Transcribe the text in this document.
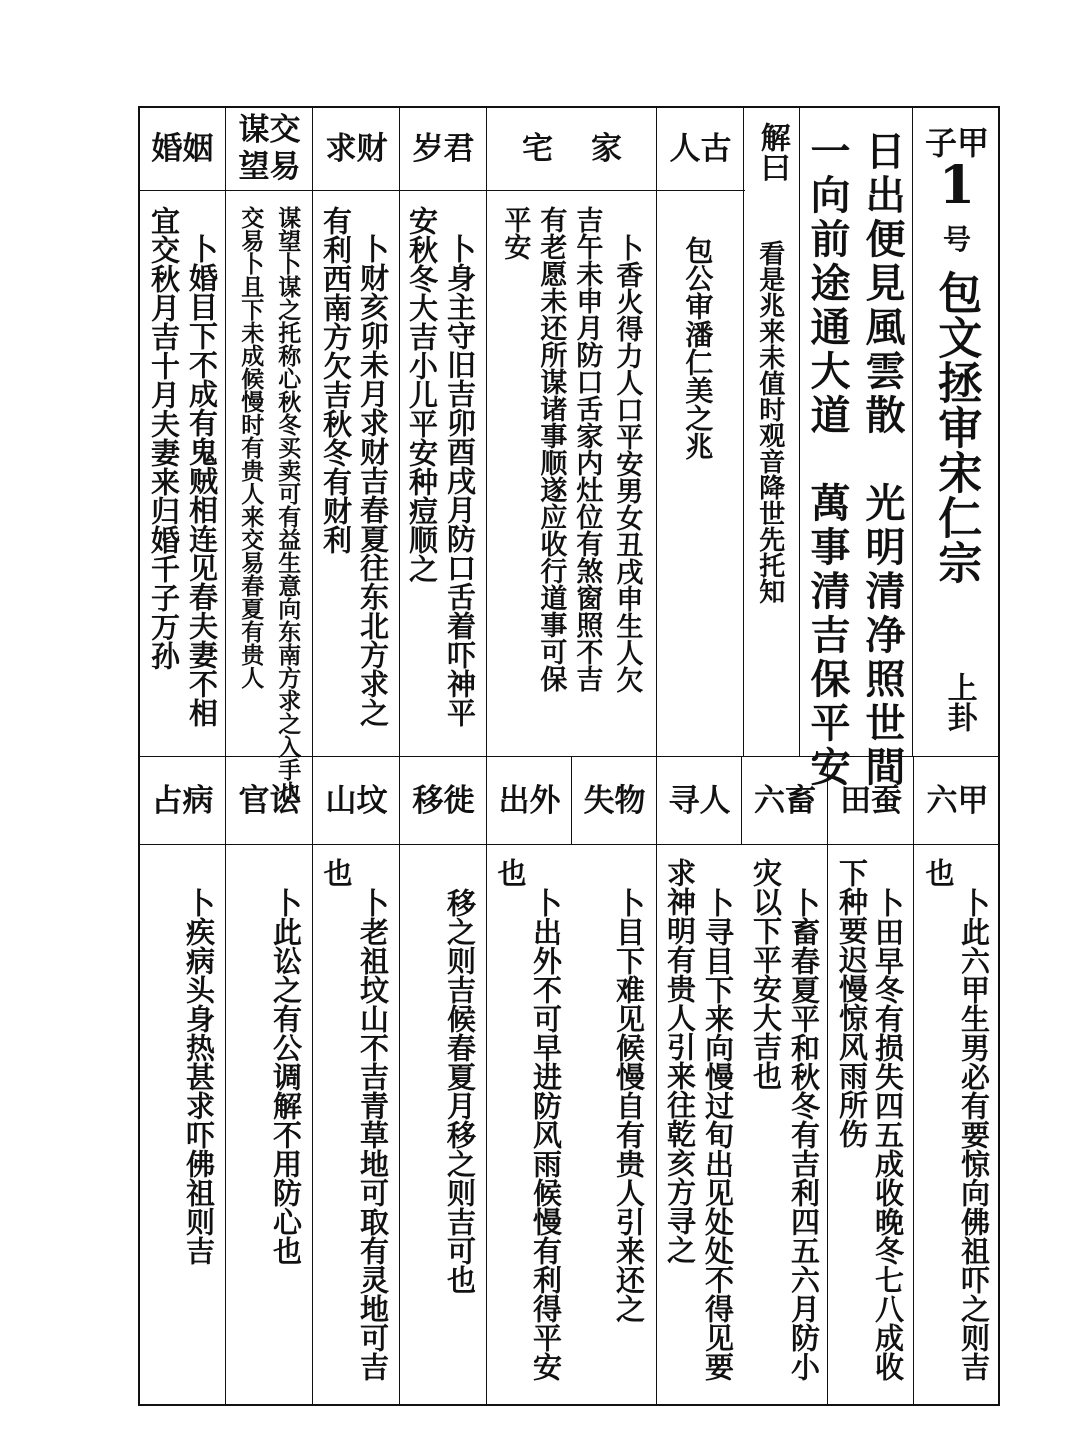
子甲
1
号
包文拯审宋仁宗
上卦
日出便見風雲散　光明清净照世間
一向前途通大道　萬事清吉保平安
解曰
看是兆来未值时观音降世先托知
人古
家
宅
岁君
求财
谋交
望易
婚姻
包公审潘仁美之兆
卜香火得力人口平安男女丑戌申生人欠
吉午未申月防口舌家内灶位有煞窗照不吉
有老愿未还所谋诸事顺遂应收行道事可保
平安
卜身主守旧吉卯酉戌月防口舌着吓神平
安秋冬大吉小儿平安种痘顺之
卜财亥卯未月求财吉春夏往东北方求之
有利西南方欠吉秋冬有财利
谋望卜谋之托称心秋冬买卖可有益生意向东南方求之入手也
交易卜且下未成候慢时有贵人来交易春夏有贵人
卜婚目下不成有鬼贼相连见春夫妻不相
宜交秋月吉十月夫妻来归婚千子万孙
六甲
田蚕
六畜
寻人
失物
出外
移徙
山坟
官讼
占病
卜此六甲生男必有要惊向佛祖吓之则吉
也
卜田早冬有损失四五成收晚冬七八成收
下种要迟慢惊风雨所伤
卜畜春夏平和秋冬有吉利四五六月防小
灾以下平安大吉也
卜寻目下来向慢过旬出见处处不得见要
求神明有贵人引来往乾亥方寻之
卜目下难见候慢自有贵人引来还之
卜出外不可早进防风雨候慢有利得平安
也
移之则吉候春夏月移之则吉可也
卜老祖坟山不吉青草地可取有灵地可吉
也
卜此讼之有公调解不用防心也
卜疾病头身热甚求吓佛祖则吉
